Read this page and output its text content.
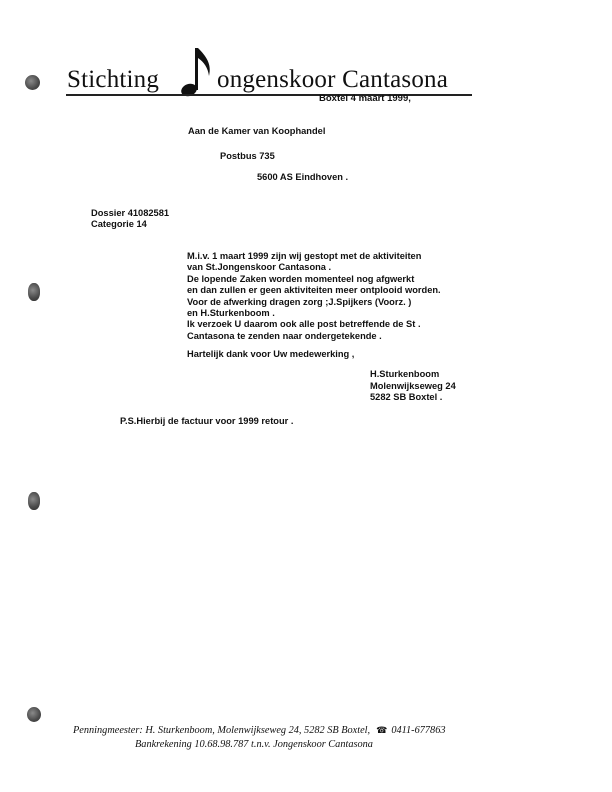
Stichting ongenskoor Cantasona
Boxtel 4 maart 1999,
Aan de Kamer van Koophandel
Postbus 735
5600 AS Eindhoven .
Dossier 41082581
Categorie 14
M.i.v. 1 maart 1999 zijn wij gestopt met de aktiviteiten
van St.Jongenskoor Cantasona .
De lopende Zaken worden momenteel nog afgwerkt
en dan zullen er geen aktiviteiten meer ontplooid worden.
Voor de afwerking dragen zorg ;J.Spijkers (Voorz. )
en H.Sturkenboom .
Ik verzoek U daarom ook alle post betreffende de St .
Cantasona te zenden naar ondergetekende .
Hartelijk dank voor Uw medewerking ,
H.Sturkenboom
Molenwijkseweg 24
5282 SB Boxtel .
P.S.Hierbij de factuur voor 1999 retour .
Penningmeester: H. Sturkenboom, Molenwijkseweg 24, 5282 SB Boxtel, ☎ 0411-677863
Bankrekening 10.68.98.787 t.n.v. Jongenskoor Cantasona
